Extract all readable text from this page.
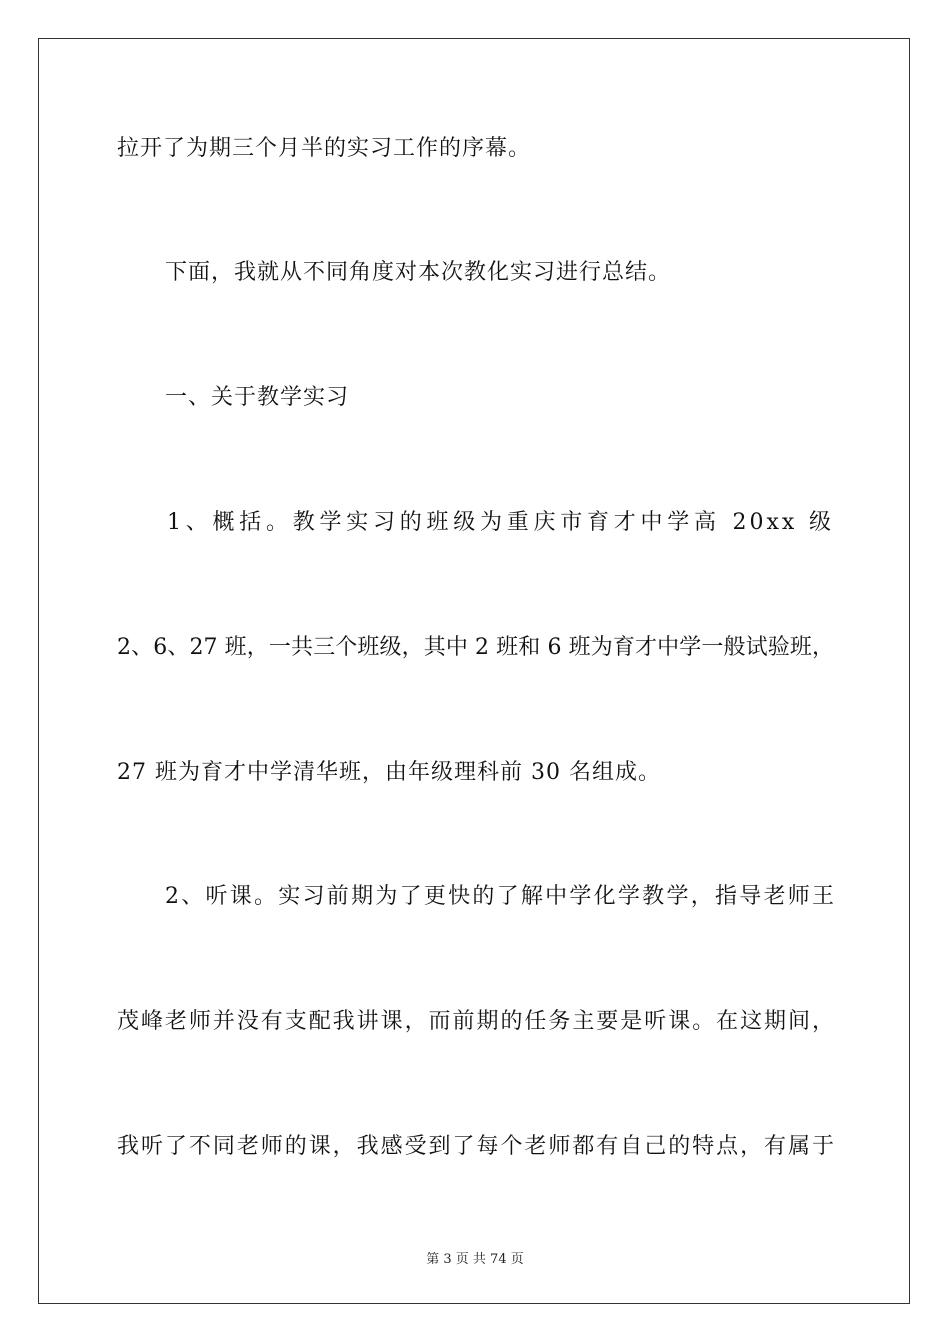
拉开了为期三个月半的实习工作的序幕。
下面，我就从不同角度对本次教化实习进行总结。
一、关于教学实习
1、概括。教学实习的班级为重庆市育才中学高 20xx 级
2、6、27 班，一共三个班级，其中 2 班和 6 班为育才中学一般试验班，
27 班为育才中学清华班，由年级理科前 30 名组成。
2、听课。实习前期为了更快的了解中学化学教学，指导老师王
茂峰老师并没有支配我讲课，而前期的任务主要是听课。在这期间，
我听了不同老师的课，我感受到了每个老师都有自己的特点，有属于
第 3 页 共 74 页
